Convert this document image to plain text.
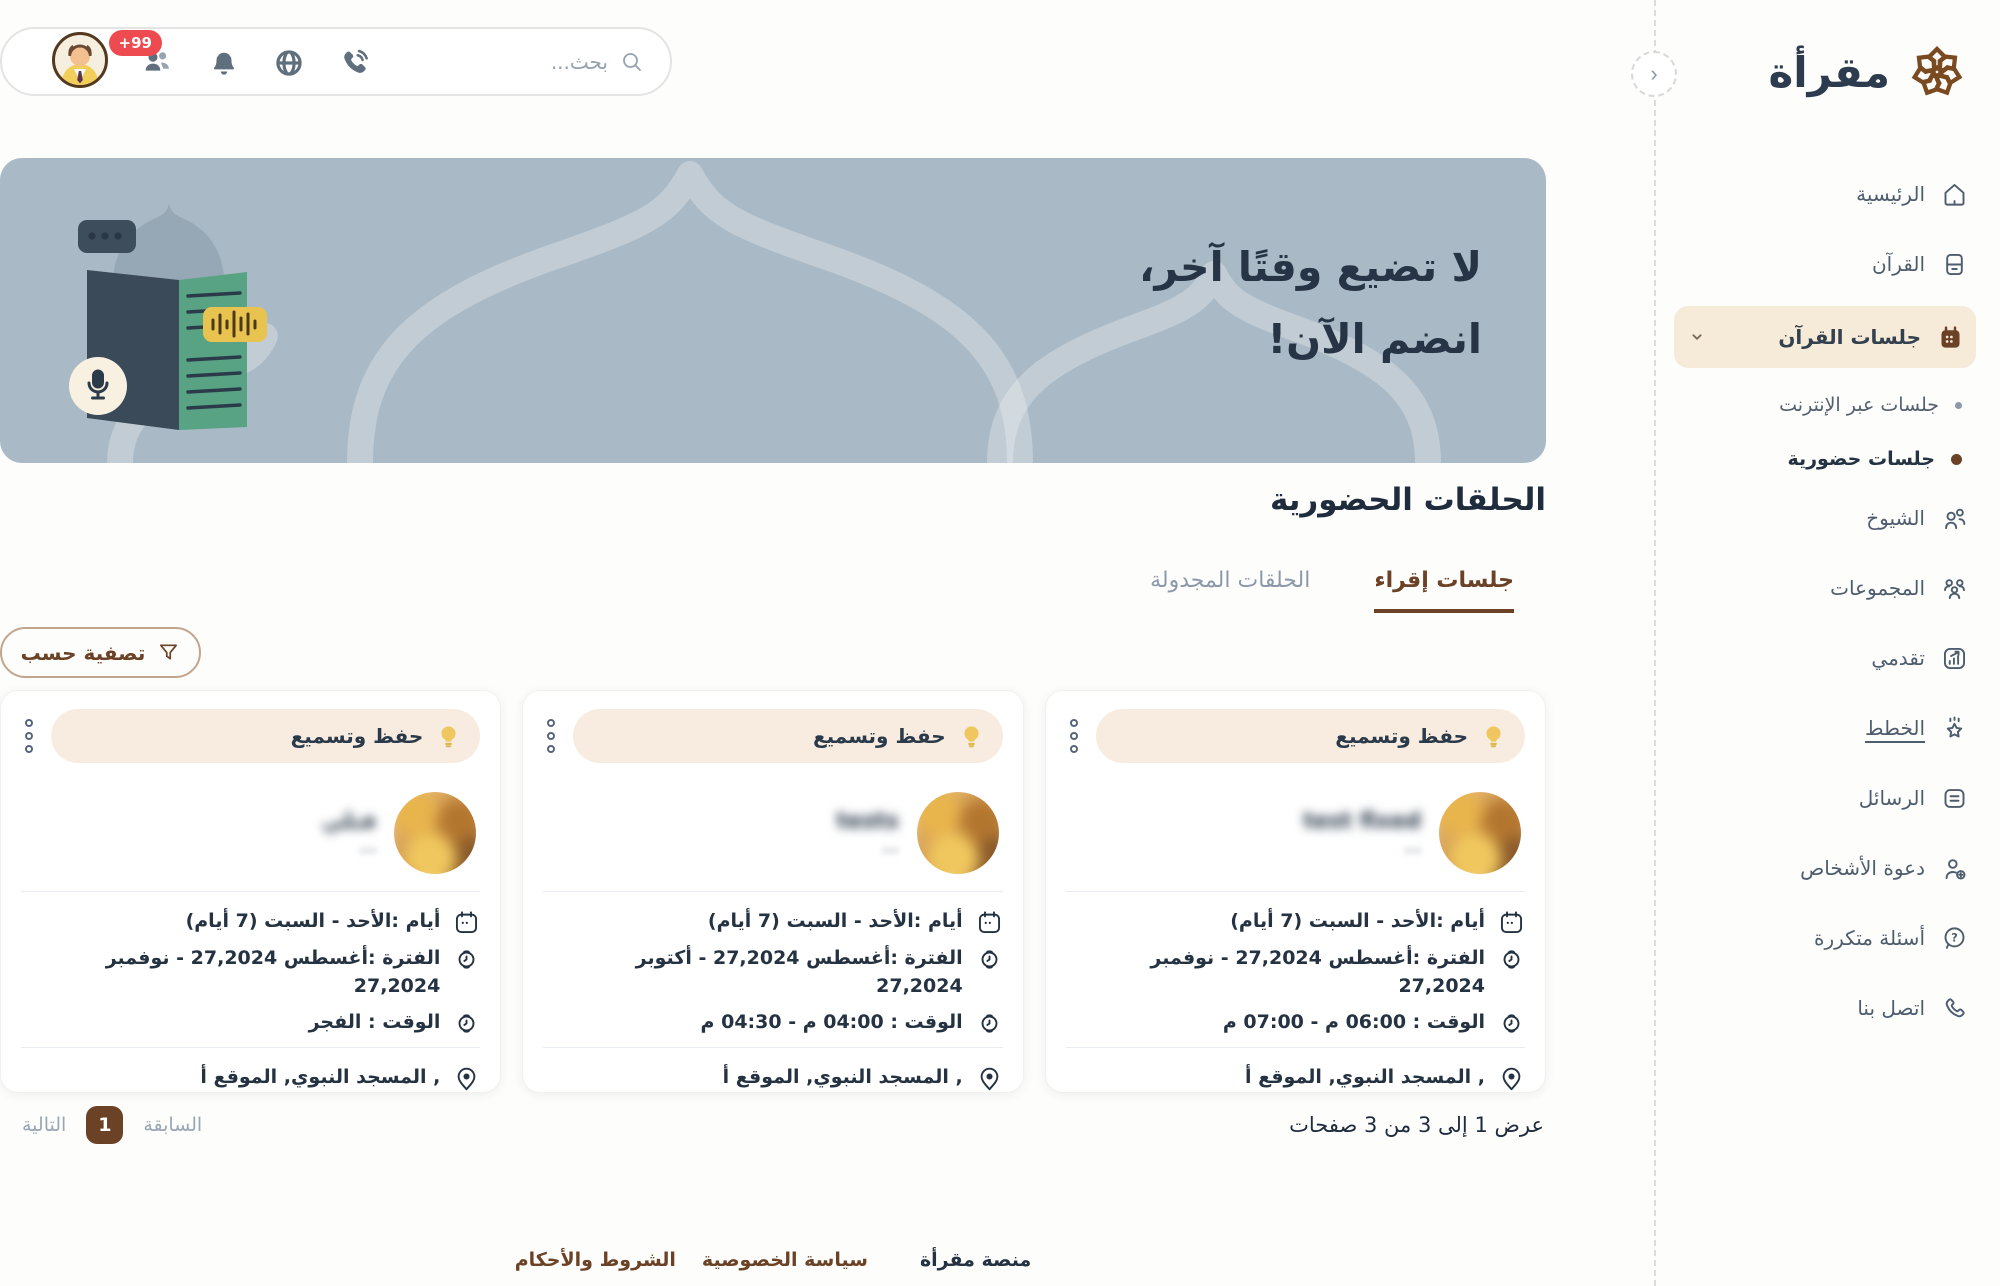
مقرأة
الرئيسية
القرآن
جلسات القرآن
جلسات عبر الإنترنت
جلسات حضورية
الشيوخ
المجموعات
تقدمي
الخطط
الرسائل
دعوة الأشخاص
?
أسئلة متكررة
اتصل بنا
‹
بحث...
+99
لا تضيع وقتًا آخر،
انضم الآن!
الحلقات الحضورية
جلسات إقراء
الحلقات المجدولة
تصفية حسب
حفظ وتسميع
test fixed
ددد
أيام :الأحد - السبت (7 أيام)
الفترة :أغسطس 27,2024 - نوفمبر 27,2024
الوقت : 06:00 م - 07:00 م
, المسجد النبوي, الموقع أ
حفظ وتسميع
tests
ددد
أيام :الأحد - السبت (7 أيام)
الفترة :أغسطس 27,2024 - أكتوبر 27,2024
الوقت : 04:00 م - 04:30 م
, المسجد النبوي, الموقع أ
حفظ وتسميع
فتلي
ددد
أيام :الأحد - السبت (7 أيام)
الفترة :أغسطس 27,2024 - نوفمبر 27,2024
الوقت : الفجر
, المسجد النبوي, الموقع أ
عرض 1 إلى 3 من 3 صفحات
السابقة
1
التالية
منصة مقرأة
سياسة الخصوصية
الشروط والأحكام
